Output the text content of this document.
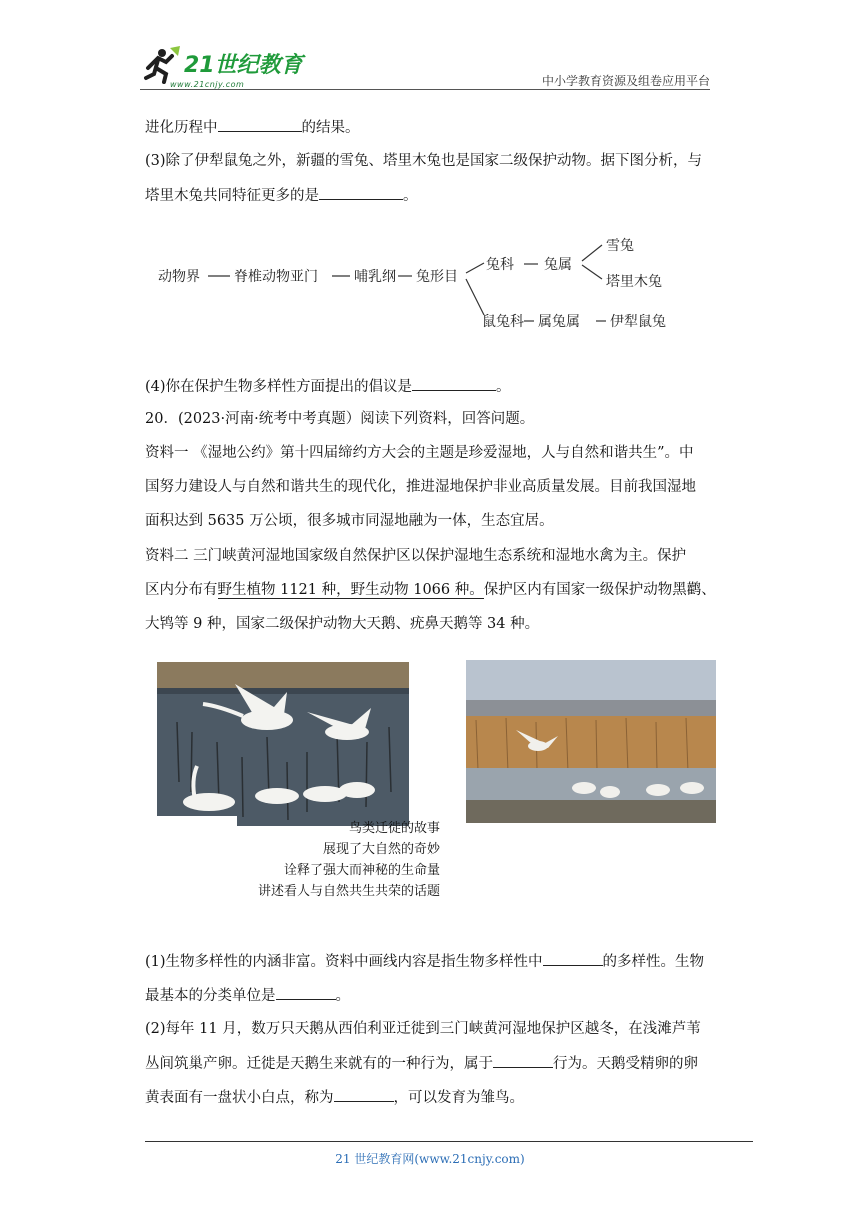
21世纪教育
www.21cnjy.com	中小学教育资源及组卷应用平台
进化历程中	的结果。
(3)除了伊犁鼠兔之外，新疆的雪兔、塔里木兔也是国家二级保护动物。据下图分析，与
塔里木兔共同特征更多的是	。
动物界 脊椎动物亚门	哺乳纲 兔形目
兔科 兔属
雪兔
塔里木兔
鼠兔科 属兔属 伊犁鼠兔
(4)你在保护生物多样性方面提出的倡议是	。
20．(2023·河南·统考中考真题）阅读下列资料，回答问题。
资料一 《湿地公约》第十四届缔约方大会的主题是珍爱湿地，人与自然和谐共生”。中
国努力建设人与自然和谐共生的现代化，推进湿地保护非业高质量发展。目前我国湿地
面积达到 5635 万公顷，很多城市同湿地融为一体，生态宜居。
资料二 三门峡黄河湿地国家级自然保护区以保护湿地生态系统和湿地水禽为主。保护
区内分布有野生植物 1121 种，野生动物 1066 种。保护区内有国家一级保护动物黑鹳、
大鸨等 9 种，国家二级保护动物大天鹅、疣鼻天鹅等 34 种。
鸟类迁徙的故事
展现了大自然的奇妙
诠释了强大而神秘的生命量
讲述看人与自然共生共荣的话题
(1)生物多样性的内涵非富。资料中画线内容是指生物多样性中	的多样性。生物
最基本的分类单位是	。
(2)每年 11 月，数万只天鹅从西伯利亚迁徙到三门峡黄河湿地保护区越冬，在浅滩芦苇
丛间筑巢产卵。迁徙是天鹅生来就有的一种行为，属于	行为。天鹅受精卵的卵
黄表面有一盘状小白点，称为	，可以发育为雏鸟。
21 世纪教育网(www.21cnjy.com)
